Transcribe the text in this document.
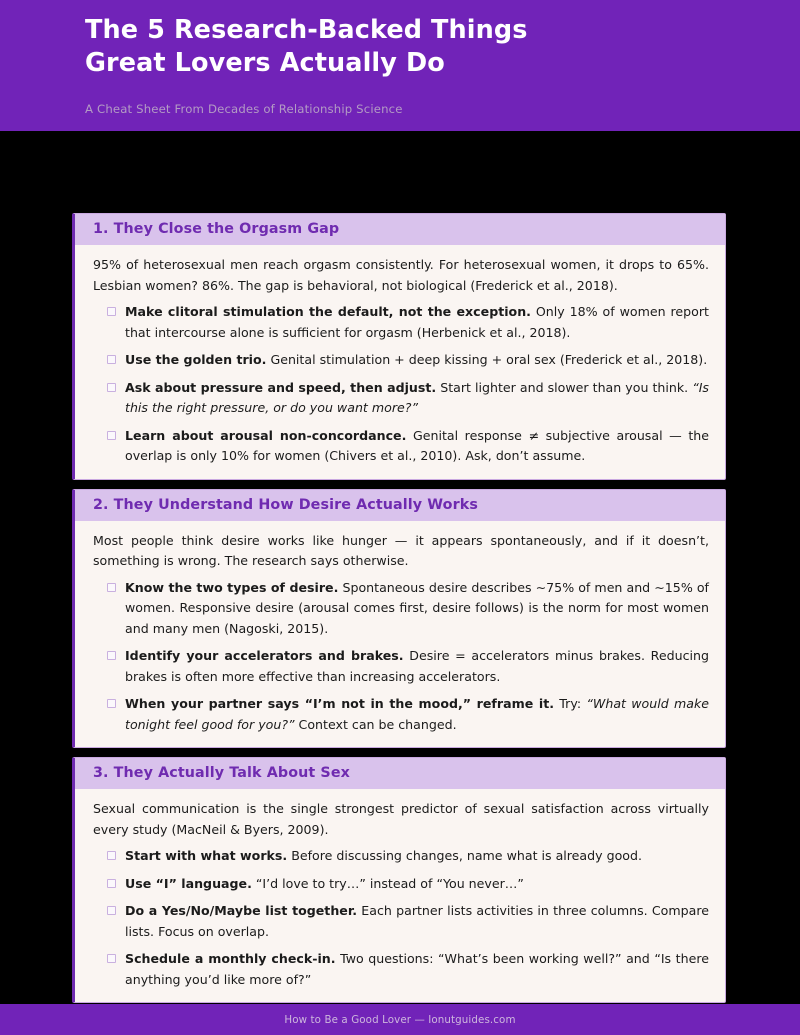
The 5 Research-Backed Things
Great Lovers Actually Do
A Cheat Sheet From Decades of Relationship Science
1. They Close the Orgasm Gap

95% of heterosexual men reach orgasm consistently. For heterosexual women, it drops to 65%. Lesbian women? 86%. The gap is behavioral, not biological (Frederick et al., 2018).

Make clitoral stimulation the default, not the exception. Only 18% of women report that intercourse alone is sufficient for orgasm (Herbenick et al., 2018).
Use the golden trio. Genital stimulation + deep kissing + oral sex (Frederick et al., 2018).
Ask about pressure and speed, then adjust. Start lighter and slower than you think. “Is this the right pressure, or do you want more?”
Learn about arousal non-concordance. Genital response ≠ subjective arousal — the overlap is only 10% for women (Chivers et al., 2010). Ask, don’t assume.
2. They Understand How Desire Actually Works

Most people think desire works like hunger — it appears spontaneously, and if it doesn’t, something is wrong. The research says otherwise.

Know the two types of desire. Spontaneous desire describes ∼75% of men and ∼15% of women. Responsive desire (arousal comes first, desire follows) is the norm for most women and many men (Nagoski, 2015).
Identify your accelerators and brakes. Desire = accelerators minus brakes. Reducing brakes is often more effective than increasing accelerators.
When your partner says “I’m not in the mood,” reframe it. Try: “What would make tonight feel good for you?” Context can be changed.
3. They Actually Talk About Sex

Sexual communication is the single strongest predictor of sexual satisfaction across virtually every study (MacNeil & Byers, 2009).

Start with what works. Before discussing changes, name what is already good.
Use “I” language. “I’d love to try…” instead of “You never…”
Do a Yes/No/Maybe list together. Each partner lists activities in three columns. Compare lists. Focus on overlap.
Schedule a monthly check-in. Two questions: “What’s been working well?” and “Is there anything you’d like more of?”
How to Be a Good Lover — Ionutguides.com
